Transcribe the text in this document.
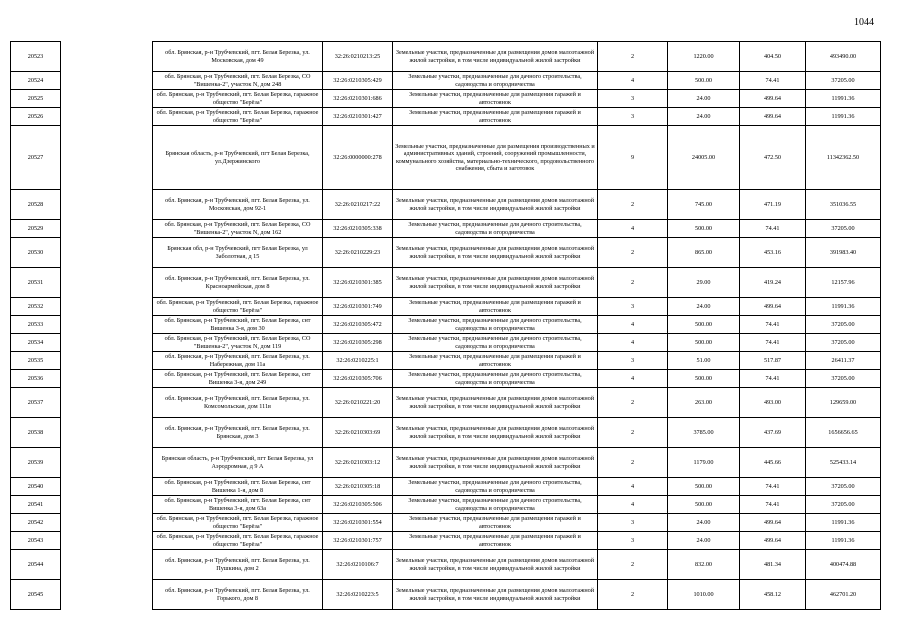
1044
20523		обл. Брянская, р-н Трубчевский, пгт. Белая Березка, ул. Московская, дом 49	32:26:0210213:25	Земельные участки, предназначенные для размещения домов малоэтажной жилой застройки, в том числе индивидуальной жилой застройки	2	1220.00	404.50	493490.00
20524		обл. Брянская, р-н Трубчевский, пгт. Белая Березка, СО "Вишенка-2", участок N, дом 248	32:26:0210305:429	Земельные участки, предназначенные для дачного строительства, садоводства и огородничества	4	500.00	74.41	37205.00
20525		обл. Брянская, р-н Трубчевский, пгт. Белая Березка, гаражное общество "Берёза"	32:26:0210301:686	Земельные участки, предназначенные для размещения гаражей и автостоянок	3	24.00	499.64	11991.36
20526		обл. Брянская, р-н Трубчевский, пгт. Белая Березка, гаражное общество "Берёза"	32:26:0210301:427	Земельные участки, предназначенные для размещения гаражей и автостоянок	3	24.00	499.64	11991.36
20527		Брянская область, р-н Трубчевский, пгт Белая Березка, ул.Дзержинского	32:26:0000000:278	Земельные участки, предназначенные для размещения производственных и административных зданий, строений, сооружений промышленности, коммунального хозяйства, материально-технического, продовольственного снабжения, сбыта и заготовок	9	24005.00	472.50	11342362.50
20528		обл. Брянская, р-н Трубчевский, пгт. Белая Березка, ул. Московская, дом 92-1	32:26:0210217:22	Земельные участки, предназначенные для размещения домов малоэтажной жилой застройки, в том числе индивидуальной жилой застройки	2	745.00	471.19	351036.55
20529		обл. Брянская, р-н Трубчевский, пгт. Белая Березка, СО "Вишенка-2", участок N, дом 162	32:26:0210305:338	Земельные участки, предназначенные для дачного строительства, садоводства и огородничества	4	500.00	74.41	37205.00
20530		Брянская обл, р-н Трубчевский, пгт Белая Березка, ул Заболотная, д 15	32:26:0210229:23	Земельные участки, предназначенные для размещения домов малоэтажной жилой застройки, в том числе индивидуальной жилой застройки	2	865.00	453.16	391983.40
20531		обл. Брянская, р-н Трубчевский, пгт. Белая Березка, ул. Красноармейская, дом 8	32:26:0210301:385	Земельные участки, предназначенные для размещения домов малоэтажной жилой застройки, в том числе индивидуальной жилой застройки	2	29.00	419.24	12157.96
20532		обл. Брянская, р-н Трубчевский, пгт. Белая Березка, гаражное общество "Берёза"	32:26:0210301:749	Земельные участки, предназначенные для размещения гаражей и автостоянок	3	24.00	499.64	11991.36
20533		обл. Брянская, р-н Трубчевский, пгт. Белая Березка, снт Вишенка 3-я, дом 30	32:26:0210305:472	Земельные участки, предназначенные для дачного строительства, садоводства и огородничества	4	500.00	74.41	37205.00
20534		обл. Брянская, р-н Трубчевский, пгт. Белая Березка, СО "Вишенка-2", участок N, дом 119	32:26:0210305:298	Земельные участки, предназначенные для дачного строительства, садоводства и огородничества	4	500.00	74.41	37205.00
20535		обл. Брянская, р-н Трубчевский, пгт. Белая Березка, ул. Набережная, дом 11а	32:26:0210225:1	Земельные участки, предназначенные для размещения гаражей и автостоянок	3	51.00	517.87	26411.37
20536		обл. Брянская, р-н Трубчевский, пгт. Белая Березка, снт Вишенка 3-я, дом 249	32:26:0210305:706	Земельные участки, предназначенные для дачного строительства, садоводства и огородничества	4	500.00	74.41	37205.00
20537		обл. Брянская, р-н Трубчевский, пгт. Белая Березка, ул. Комсомольская, дом 111в	32:26:0210221:20	Земельные участки, предназначенные для размещения домов малоэтажной жилой застройки, в том числе индивидуальной жилой застройки	2	263.00	493.00	129659.00
20538		обл. Брянская, р-н Трубчевский, пгт. Белая Березка, ул. Брянская, дом 3	32:26:0210303:69	Земельные участки, предназначенные для размещения домов малоэтажной жилой застройки, в том числе индивидуальной жилой застройки	2	3785.00	437.69	1656656.65
20539		Брянская область, р-н Трубчевский, пгт Белая Березка, ул Аэродромная, д 9 А	32:26:0210303:12	Земельные участки, предназначенные для размещения домов малоэтажной жилой застройки, в том числе индивидуальной жилой застройки	2	1179.00	445.66	525433.14
20540		обл. Брянская, р-н Трубчевский, пгт. Белая Березка, снт Вишенка 1-я, дом 8	32:26:0210305:18	Земельные участки, предназначенные для дачного строительства, садоводства и огородничества	4	500.00	74.41	37205.00
20541		обл. Брянская, р-н Трубчевский, пгт. Белая Березка, снт Вишенка 3-я, дом 63а	32:26:0210305:506	Земельные участки, предназначенные для дачного строительства, садоводства и огородничества	4	500.00	74.41	37205.00
20542		обл. Брянская, р-н Трубчевский, пгт. Белая Березка, гаражное общество "Берёза"	32:26:0210301:554	Земельные участки, предназначенные для размещения гаражей и автостоянок	3	24.00	499.64	11991.36
20543		обл. Брянская, р-н Трубчевский, пгт. Белая Березка, гаражное общество "Берёза"	32:26:0210301:757	Земельные участки, предназначенные для размещения гаражей и автостоянок	3	24.00	499.64	11991.36
20544		обл. Брянская, р-н Трубчевский, пгт. Белая Березка, ул. Пушкина, дом 2	32:26:0210106:7	Земельные участки, предназначенные для размещения домов малоэтажной жилой застройки, в том числе индивидуальной жилой застройки	2	832.00	481.34	400474.88
20545		обл. Брянская, р-н Трубчевский, пгт. Белая Березка, ул. Горького, дом 8	32:26:0210223:5	Земельные участки, предназначенные для размещения домов малоэтажной жилой застройки, в том числе индивидуальной жилой застройки	2	1010.00	458.12	462701.20
